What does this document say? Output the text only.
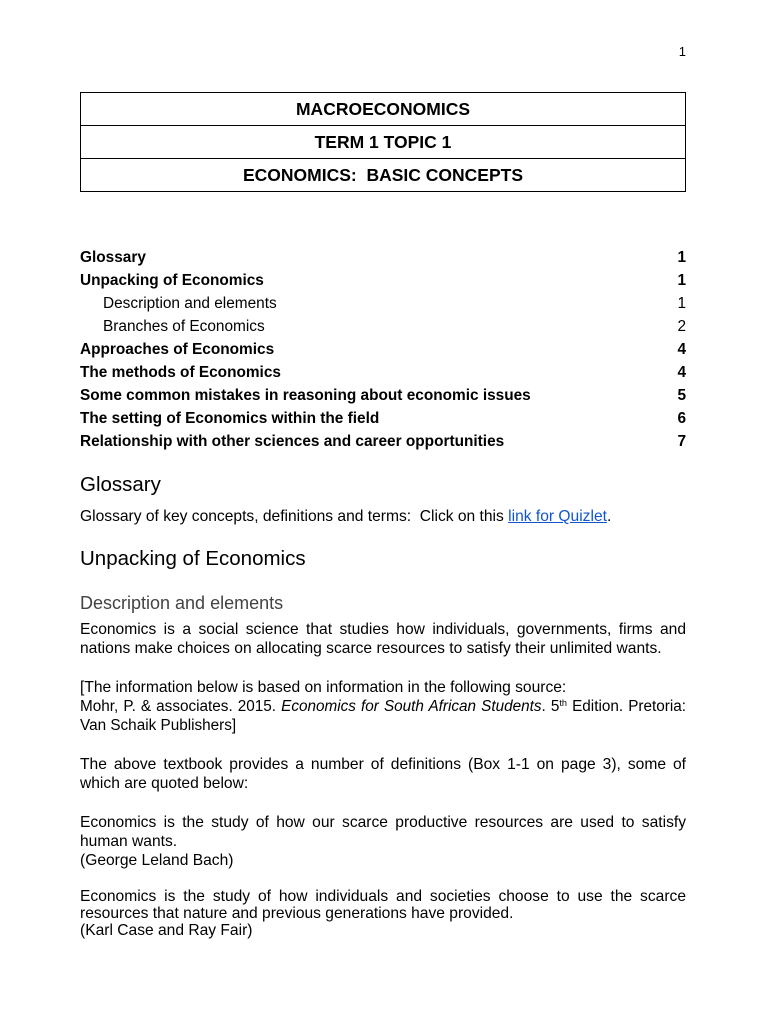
1
MACROECONOMICS
TERM 1 TOPIC 1
ECONOMICS:  BASIC CONCEPTS
Glossary	1
Unpacking of Economics	1
Description and elements	1
Branches of Economics	2
Approaches of Economics	4
The methods of Economics	4
Some common mistakes in reasoning about economic issues	5
The setting of Economics within the field	6
Relationship with other sciences and career opportunities	7
Glossary

Glossary of key concepts, definitions and terms:  Click on this link for Quizlet.

Unpacking of Economics
Description and elements

Economics is a social science that studies how individuals, governments, firms and nations make choices on allocating scarce resources to satisfy their unlimited wants.

[The information below is based on information in the following source:

Mohr, P. & associates. 2015. Economics for South African Students. 5th Edition. Pretoria: Van Schaik Publishers]

The above textbook provides a number of definitions (Box 1-1 on page 3), some of which are quoted below:

Economics is the study of how our scarce productive resources are used to satisfy human wants.

(George Leland Bach)

Economics is the study of how individuals and societies choose to use the scarce resources that nature and previous generations have provided.

(Karl Case and Ray Fair)
